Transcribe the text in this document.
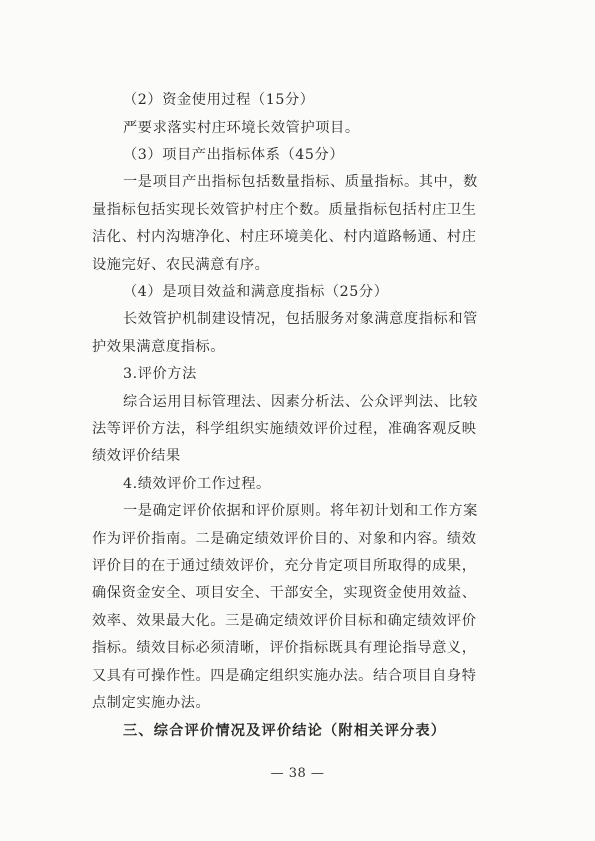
（2）资金使用过程（15分）
严要求落实村庄环境长效管护项目。
（3）项目产出指标体系（45分）
一是项目产出指标包括数量指标、质量指标。其中，数
量指标包括实现长效管护村庄个数。质量指标包括村庄卫生
洁化、村内沟塘净化、村庄环境美化、村内道路畅通、村庄
设施完好、农民满意有序。
（4）是项目效益和满意度指标（25分）
长效管护机制建设情况，包括服务对象满意度指标和管
护效果满意度指标。
3.评价方法
综合运用目标管理法、因素分析法、公众评判法、比较
法等评价方法，科学组织实施绩效评价过程，准确客观反映
绩效评价结果
4.绩效评价工作过程。
一是确定评价依据和评价原则。将年初计划和工作方案
作为评价指南。二是确定绩效评价目的、对象和内容。绩效
评价目的在于通过绩效评价，充分肯定项目所取得的成果，
确保资金安全、项目安全、干部安全，实现资金使用效益、
效率、效果最大化。三是确定绩效评价目标和确定绩效评价
指标。绩效目标必须清晰，评价指标既具有理论指导意义，
又具有可操作性。四是确定组织实施办法。结合项目自身特
点制定实施办法。
三、综合评价情况及评价结论（附相关评分表）
— 38 —
